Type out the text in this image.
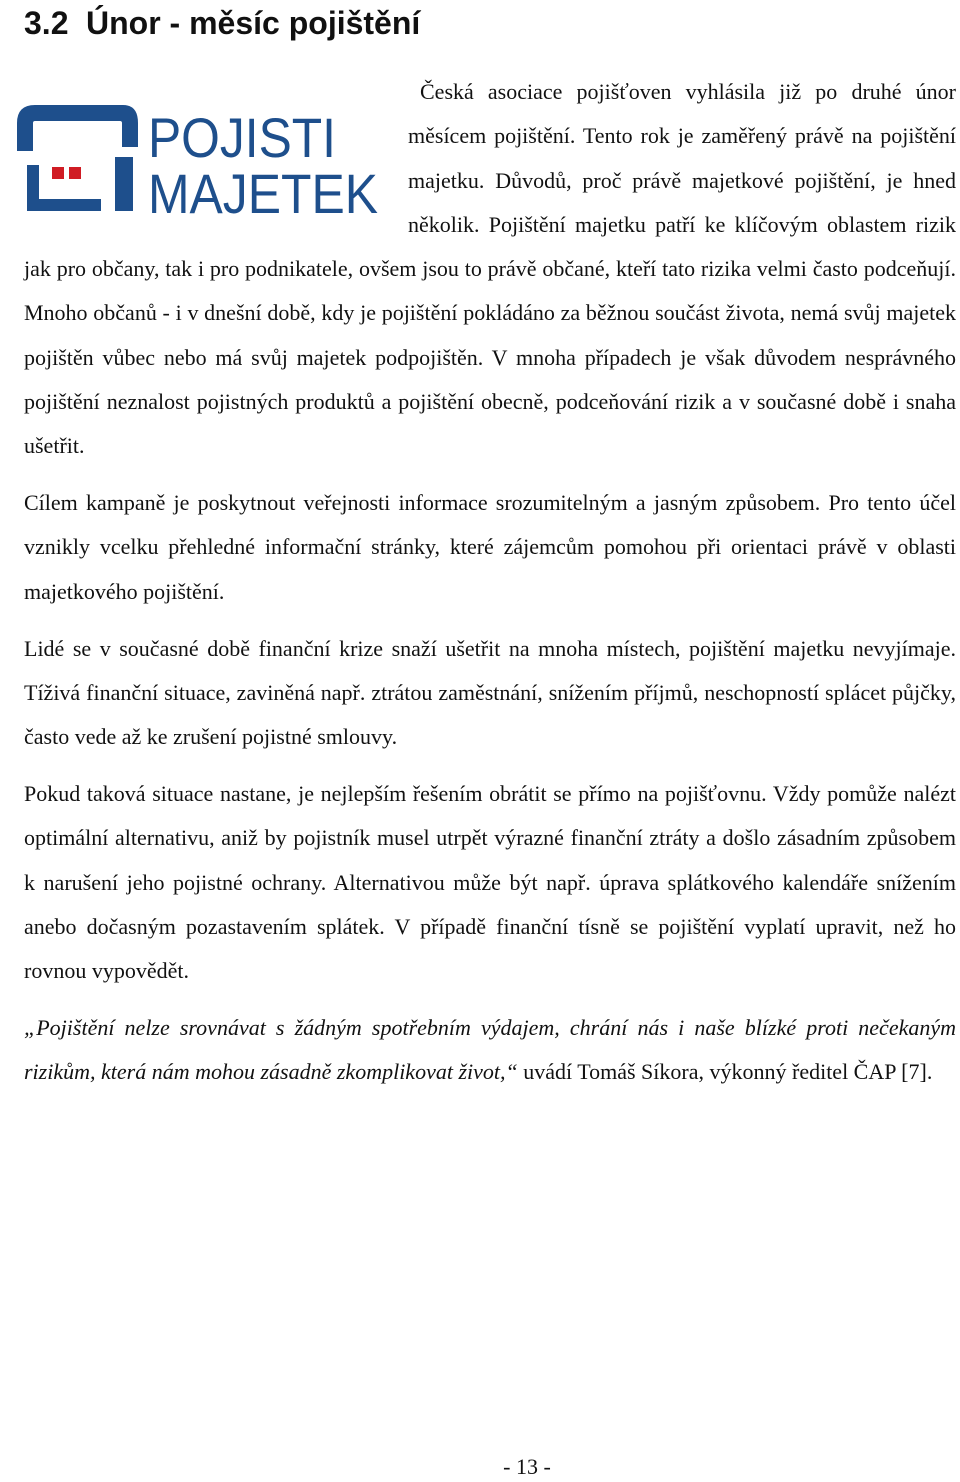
3.2 Únor - měsíc pojištění
POJISTI
MAJETEK

Česká asociace pojišťoven vyhlásila již po druhé únor měsícem pojištění. Tento rok je zaměřený právě na pojištění majetku. Důvodů, proč právě majetkové pojištění, je hned několik. Pojištění majetku patří ke klíčovým oblastem rizik jak pro občany, tak i pro podnikatele, ovšem jsou to právě občané, kteří tato rizika velmi často podceňují. Mnoho občanů - i v dnešní době, kdy je pojištění pokládáno za běžnou součást života, nemá svůj majetek pojištěn vůbec nebo má svůj majetek podpojištěn. V mnoha případech je však důvodem nesprávného pojištění neznalost pojistných produktů a pojištění obecně, podceňování rizik a v současné době i snaha ušetřit.

Cílem kampaně je poskytnout veřejnosti informace srozumitelným a jasným způsobem. Pro tento účel vznikly vcelku přehledné informační stránky, které zájemcům pomohou při orientaci právě v oblasti majetkového pojištění.

Lidé se v současné době finanční krize snaží ušetřit na mnoha místech, pojištění majetku nevyjímaje. Tíživá finanční situace, zaviněná např. ztrátou zaměstnání, snížením příjmů, neschopností splácet půjčky, často vede až ke zrušení pojistné smlouvy.

Pokud taková situace nastane, je nejlepším řešením obrátit se přímo na pojišťovnu. Vždy pomůže nalézt optimální alternativu, aniž by pojistník musel utrpět výrazné finanční ztráty a došlo zásadním způsobem k narušení jeho pojistné ochrany. Alternativou může být např. úprava splátkového kalendáře snížením anebo dočasným pozastavením splátek. V případě finanční tísně se pojištění vyplatí upravit, než ho rovnou vypovědět.

„Pojištění nelze srovnávat s žádným spotřebním výdajem, chrání nás i naše blízké proti nečekaným rizikům, která nám mohou zásadně zkomplikovat život,“ uvádí Tomáš Síkora, výkonný ředitel ČAP [7].

- 13 -
